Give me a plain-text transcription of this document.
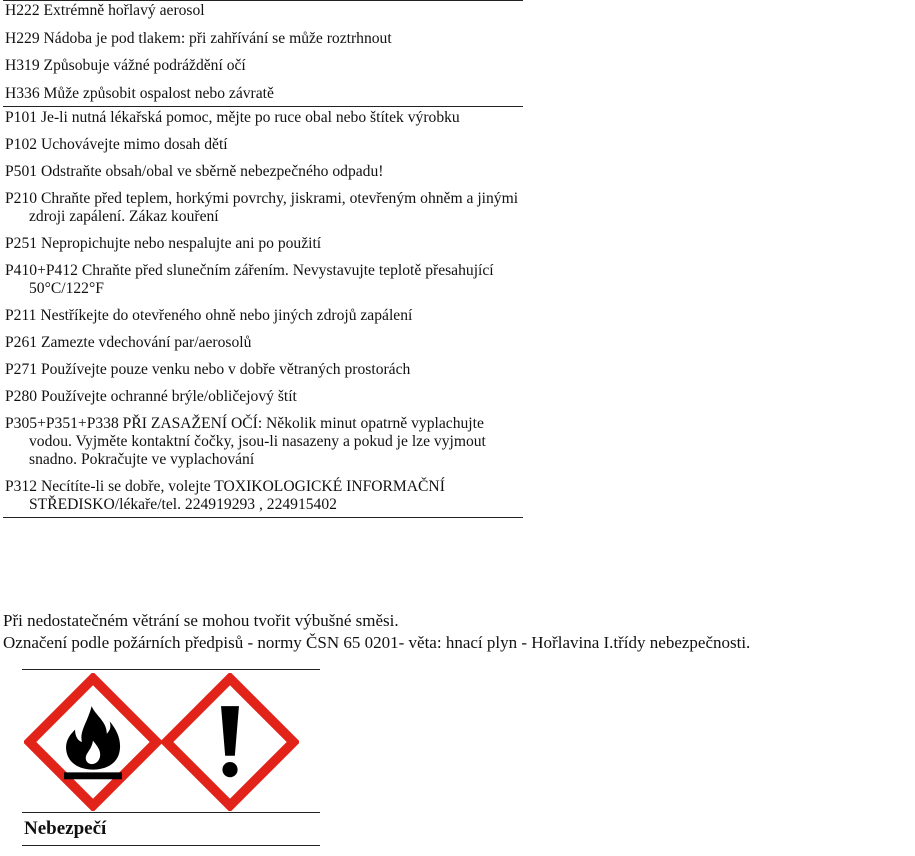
H222 Extrémně hořlavý aerosol

H229 Nádoba je pod tlakem: při zahřívání se může roztrhnout

H319 Způsobuje vážné podráždění očí

H336 Může způsobit ospalost nebo závratě

P101 Je-li nutná lékařská pomoc, mějte po ruce obal nebo štítek výrobku

P102 Uchovávejte mimo dosah dětí

P501 Odstraňte obsah/obal ve sběrně nebezpečného odpadu!

P210 Chraňte před teplem, horkými povrchy, jiskrami, otevřeným ohněm a jinými zdroji zapálení. Zákaz kouření

P251 Nepropichujte nebo nespalujte ani po použití

P410+P412 Chraňte před slunečním zářením. Nevystavujte teplotě přesahující 50°C/122°F

P211 Nestříkejte do otevřeného ohně nebo jiných zdrojů zapálení

P261 Zamezte vdechování par/aerosolů

P271 Používejte pouze venku nebo v dobře větraných prostorách

P280 Používejte ochranné brýle/obličejový štít

P305+P351+P338 PŘI ZASAŽENÍ OČÍ: Několik minut opatrně vyplachujte vodou. Vyjměte kontaktní čočky, jsou-li nasazeny a pokud je lze vyjmout snadno. Pokračujte ve vyplachování

P312 Necítíte-li se dobře, volejte TOXIKOLOGICKÉ INFORMAČNÍ STŘEDISKO/lékaře/tel. 224919293 , 224915402

Při nedostatečném větrání se mohou tvořit výbušné směsi.
Označení podle požárních předpisů - normy ČSN 65 0201- věta: hnací plyn - Hořlavina I.třídy nebezpečnosti.
Nebezpečí
